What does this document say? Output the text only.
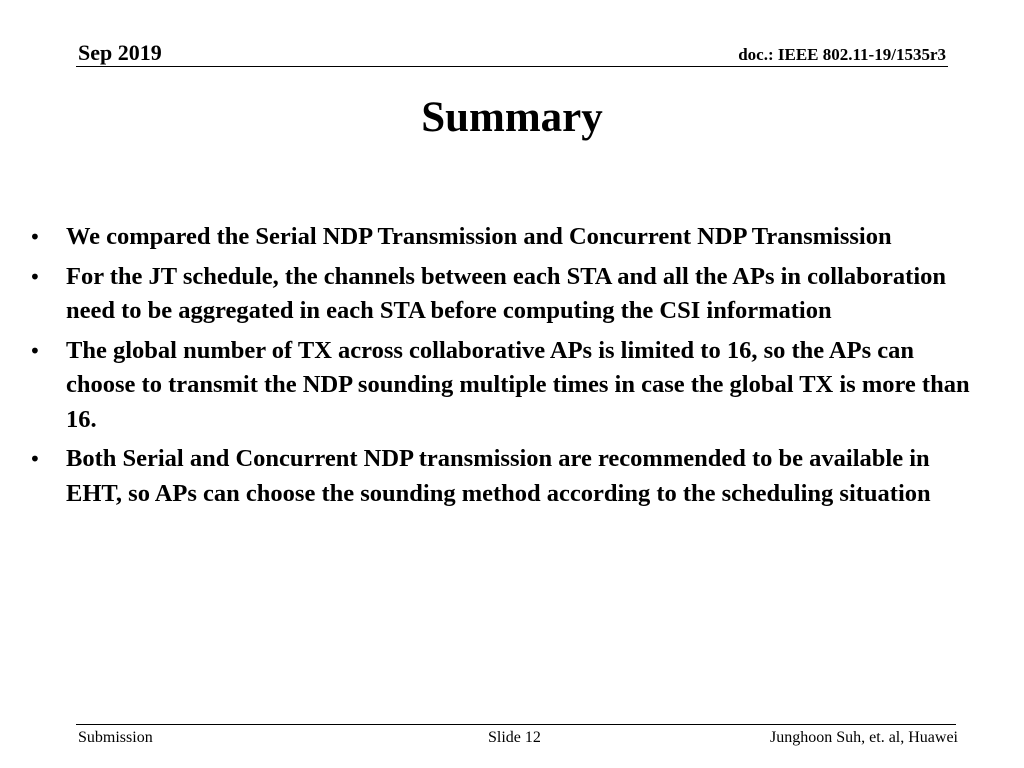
Sep 2019	doc.: IEEE 802.11-19/1535r3
Summary
•	We compared the Serial NDP Transmission and Concurrent NDP Transmission
•	For the JT schedule, the channels between each STA and all the APs in collaboration need to be aggregated in each STA before computing the CSI information
•	The global number of TX across collaborative APs is limited to 16, so the APs can choose to transmit the NDP sounding multiple times in case the global TX is more than 16.
•	Both Serial and Concurrent NDP transmission are recommended to be available in EHT, so APs can choose the sounding method according to the scheduling situation
Submission	Slide 12	Junghoon Suh, et. al, Huawei
